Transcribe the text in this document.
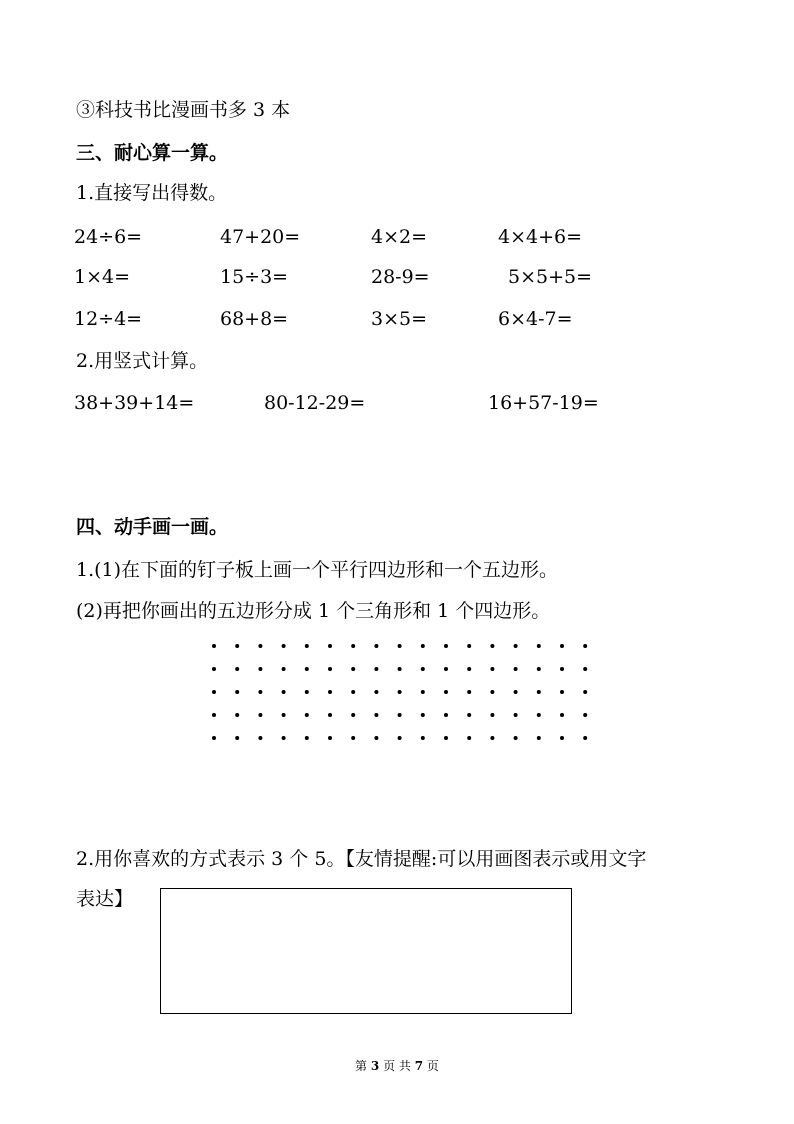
③科技书比漫画书多 3 本
三、耐心算一算。
1.直接写出得数。
24÷6=	47+20=	4×2=	4×4+6=
1×4=	15÷3=	28-9=	5×5+5=
12÷4=	68+8=	3×5=	6×4-7=
2.用竖式计算。
38+39+14=	80-12-29=	16+57-19=
四、动手画一画。
1.(1)在下面的钉子板上画一个平行四边形和一个五边形。
(2)再把你画出的五边形分成 1 个三角形和 1 个四边形。
2.用你喜欢的方式表示 3 个 5。【友情提醒:可以用画图表示或用文字
表达】
第 3 页 共 7 页
